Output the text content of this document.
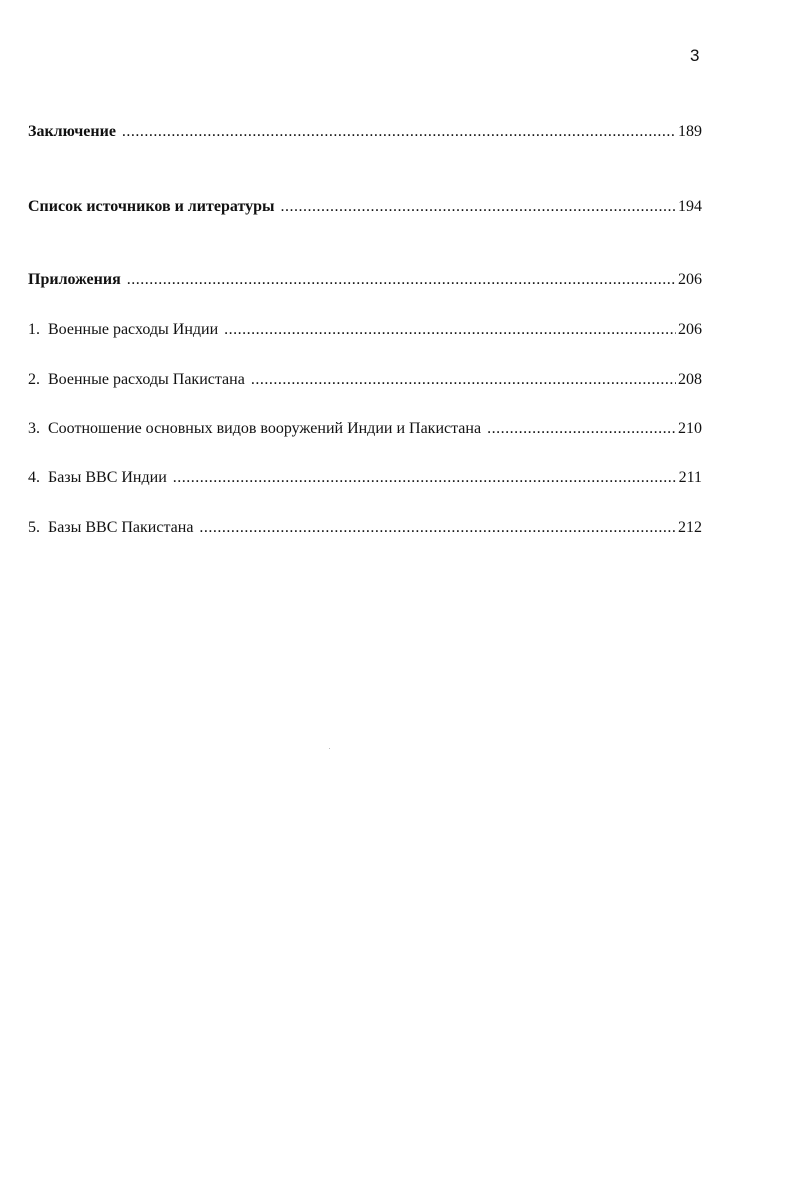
3
Заключение .....	189
Список источников и литературы .....	194
Приложения .....	206
1. Военные расходы Индии .....	206
2. Военные расходы Пакистана .....	208
3. Соотношение основных видов вооружений Индии и Пакистана .....	210
4. Базы ВВС Индии .....	211
5. Базы ВВС Пакистана .....	212
